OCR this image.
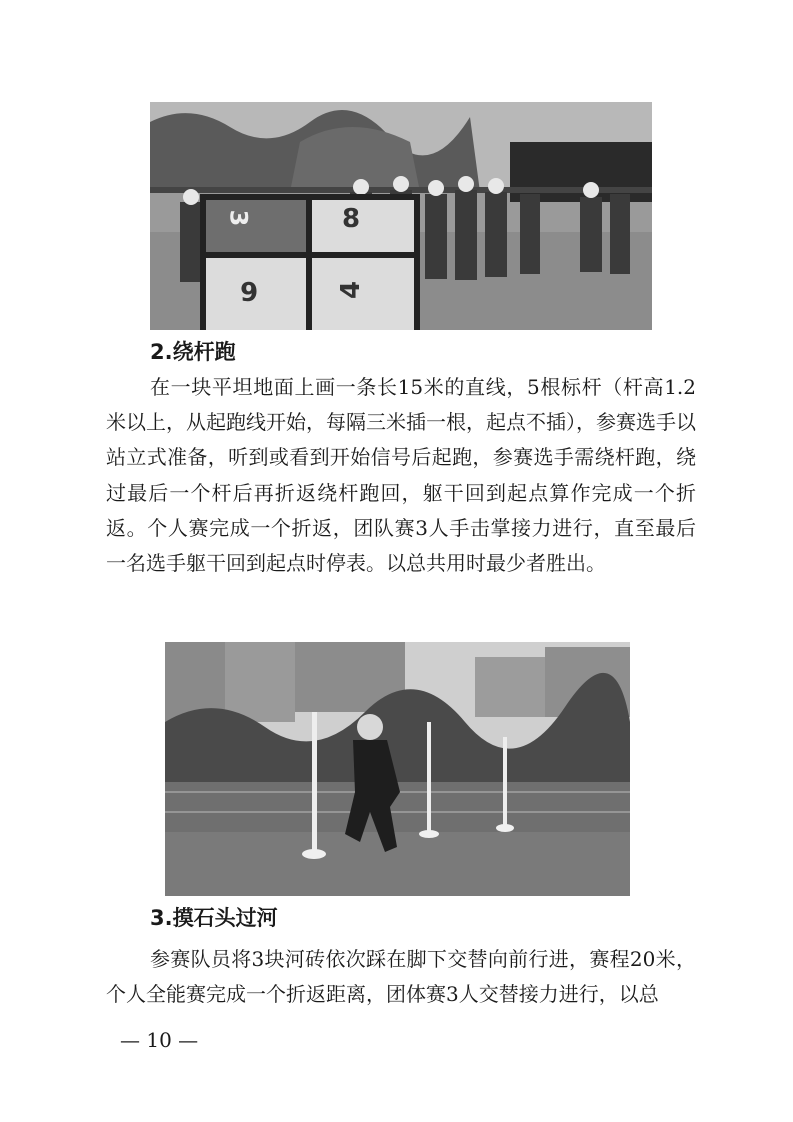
3	8
6	4
2.绕杆跑

在一块平坦地面上画一条长15米的直线，5根标杆（杆高1.2米以上，从起跑线开始，每隔三米插一根，起点不插），参赛选手以站立式准备，听到或看到开始信号后起跑，参赛选手需绕杆跑，绕过最后一个杆后再折返绕杆跑回，躯干回到起点算作完成一个折返。个人赛完成一个折返，团队赛3人手击掌接力进行，直至最后一名选手躯干回到起点时停表。以总共用时最少者胜出。

3.摸石头过河

参赛队员将3块河砖依次踩在脚下交替向前行进，赛程20米，个人全能赛完成一个折返距离，团体赛3人交替接力进行，以总

— 10 —
